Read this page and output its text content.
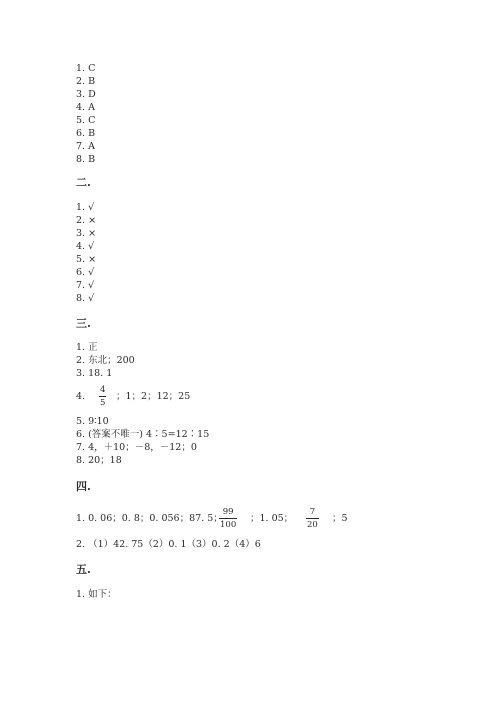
1. C
2. B
3. D
4. A
5. C
6. B
7. A
8. B
二.
1. √
2. ×
3. ×
4. √
5. ×
6. √
7. √
8. √
三.
1. 正
2. 东北；200
3. 18. 1
4.
4
5
；1；2；12；25
5. 9∶10
6. (答案不唯一) 4∶5=12∶15
7. 4，＋10；－8，－12；0
8. 20；18
四.
1. 0. 06；0. 8；0. 056；87. 5；
99
100
；1. 05；
7
20
；5
2. （1）42. 75（2）0. 1（3）0. 2（4）6
五.
1. 如下：
